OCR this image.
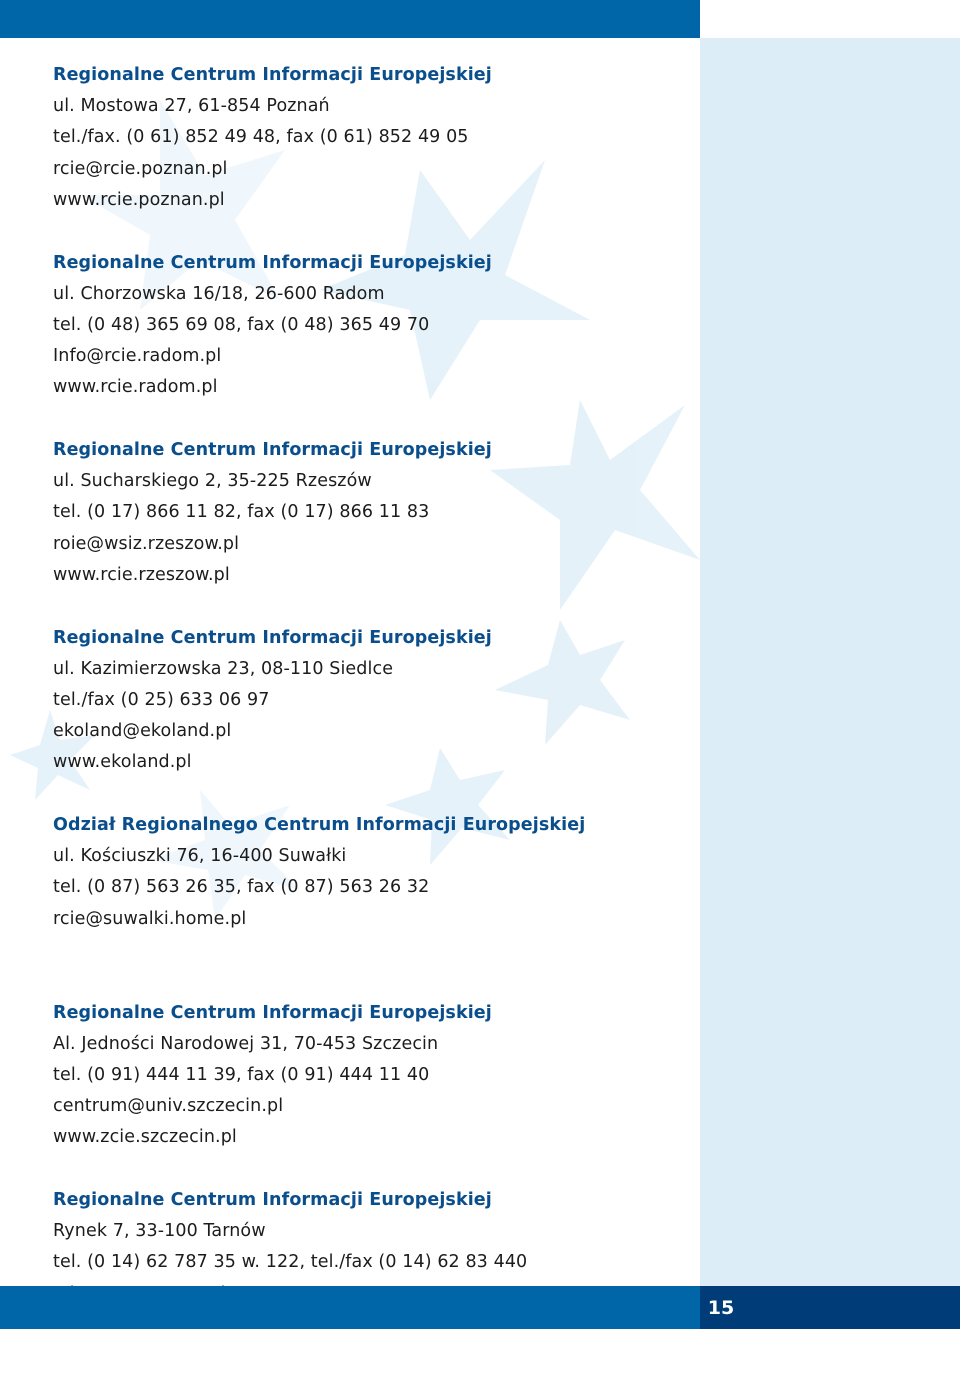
Regionalne Centrum Informacji Europejskiej
ul. Mostowa 27, 61-854 Poznań
tel./fax. (0 61) 852 49 48, fax (0 61) 852 49 05
rcie@rcie.poznan.pl
www.rcie.poznan.pl
Regionalne Centrum Informacji Europejskiej
ul. Chorzowska 16/18, 26-600 Radom
tel. (0 48) 365 69 08, fax (0 48) 365 49 70
Info@rcie.radom.pl
www.rcie.radom.pl
Regionalne Centrum Informacji Europejskiej
ul. Sucharskiego 2, 35-225 Rzeszów
tel. (0 17) 866 11 82, fax (0 17) 866 11 83
roie@wsiz.rzeszow.pl
www.rcie.rzeszow.pl
Regionalne Centrum Informacji Europejskiej
ul. Kazimierzowska 23, 08-110 Siedlce
tel./fax (0 25) 633 06 97
ekoland@ekoland.pl
www.ekoland.pl
Odział Regionalnego Centrum Informacji Europejskiej
ul. Kościuszki 76, 16-400 Suwałki
tel. (0 87) 563 26 35, fax (0 87) 563 26 32
rcie@suwalki.home.pl
Regionalne Centrum Informacji Europejskiej
Al. Jedności Narodowej 31, 70-453 Szczecin
tel. (0 91) 444 11 39, fax (0 91) 444 11 40
centrum@univ.szczecin.pl
www.zcie.szczecin.pl
Regionalne Centrum Informacji Europejskiej
Rynek 7, 33-100 Tarnów
tel. (0 14) 62 787 35 w. 122, tel./fax (0 14) 62 83 440
15
